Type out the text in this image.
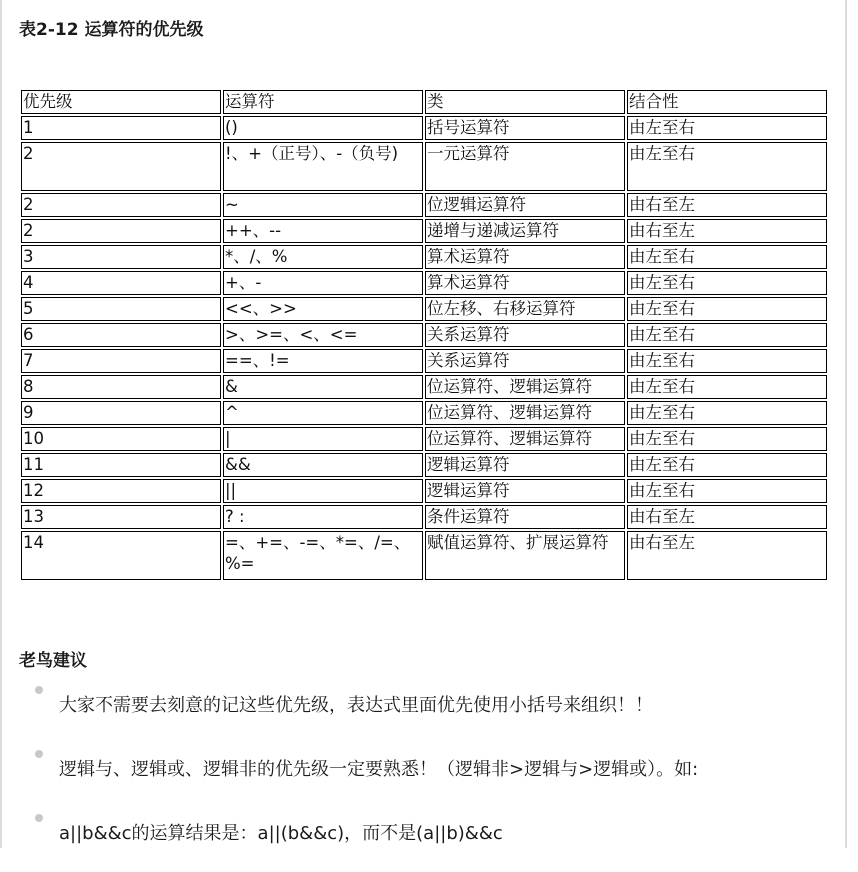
表2-12 运算符的优先级
优先级	运算符	类	结合性
1	()	括号运算符	由左至右
2	!、+（正号）、-（负号)	一元运算符	由左至右
2	~	位逻辑运算符	由右至左
2	++、--	递增与递减运算符	由右至左
3	*、/、%	算术运算符	由左至右
4	+、-	算术运算符	由左至右
5	<<、>>	位左移、右移运算符	由左至右
6	>、>=、<、<=	关系运算符	由左至右
7	==、!=	关系运算符	由左至右
8	&	位运算符、逻辑运算符	由左至右
9	^	位运算符、逻辑运算符	由左至右
10	|	位运算符、逻辑运算符	由左至右
11	&&	逻辑运算符	由左至右
12	||	逻辑运算符	由左至右
13	? :	条件运算符	由右至左
14	=、+=、-=、*=、/=、%=	赋值运算符、扩展运算符	由右至左
老鸟建议
大家不需要去刻意的记这些优先级，表达式里面优先使用小括号来组织！！
逻辑与、逻辑或、逻辑非的优先级一定要熟悉！（逻辑非>逻辑与>逻辑或）。如:
a||b&&c的运算结果是：a||(b&&c)，而不是(a||b)&&c
